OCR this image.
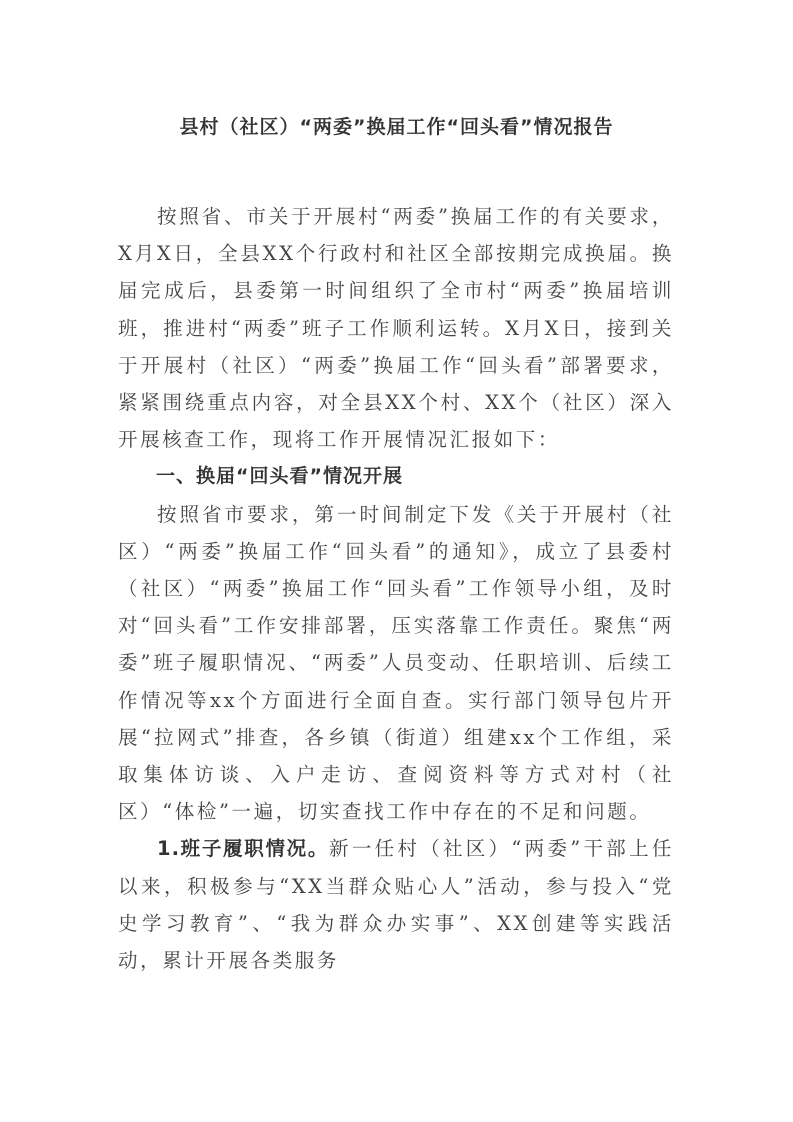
县村（社区）“两委”换届工作“回头看”情况报告

按照省、市关于开展村“两委”换届工作的有关要求，X月X日，全县XX个行政村和社区全部按期完成换届。换届完成后，县委第一时间组织了全市村“两委”换届培训班，推进村“两委”班子工作顺利运转。X月X日，接到关于开展村（社区）“两委”换届工作“回头看”部署要求，紧紧围绕重点内容，对全县XX个村、XX个（社区）深入开展核查工作，现将工作开展情况汇报如下：

一、换届“回头看”情况开展

按照省市要求，第一时间制定下发《关于开展村（社区）“两委”换届工作“回头看”的通知》，成立了县委村（社区）“两委”换届工作“回头看”工作领导小组，及时对“回头看”工作安排部署，压实落靠工作责任。聚焦“两委”班子履职情况、“两委”人员变动、任职培训、后续工作情况等xx个方面进行全面自查。实行部门领导包片开展“拉网式”排查，各乡镇（街道）组建xx个工作组，采取集体访谈、入户走访、查阅资料等方式对村（社区）“体检”一遍，切实查找工作中存在的不足和问题。

1.班子履职情况。新一任村（社区）“两委”干部上任以来，积极参与“XX当群众贴心人”活动，参与投入“党史学习教育”、“我为群众办实事”、XX创建等实践活动，累计开展各类服务
